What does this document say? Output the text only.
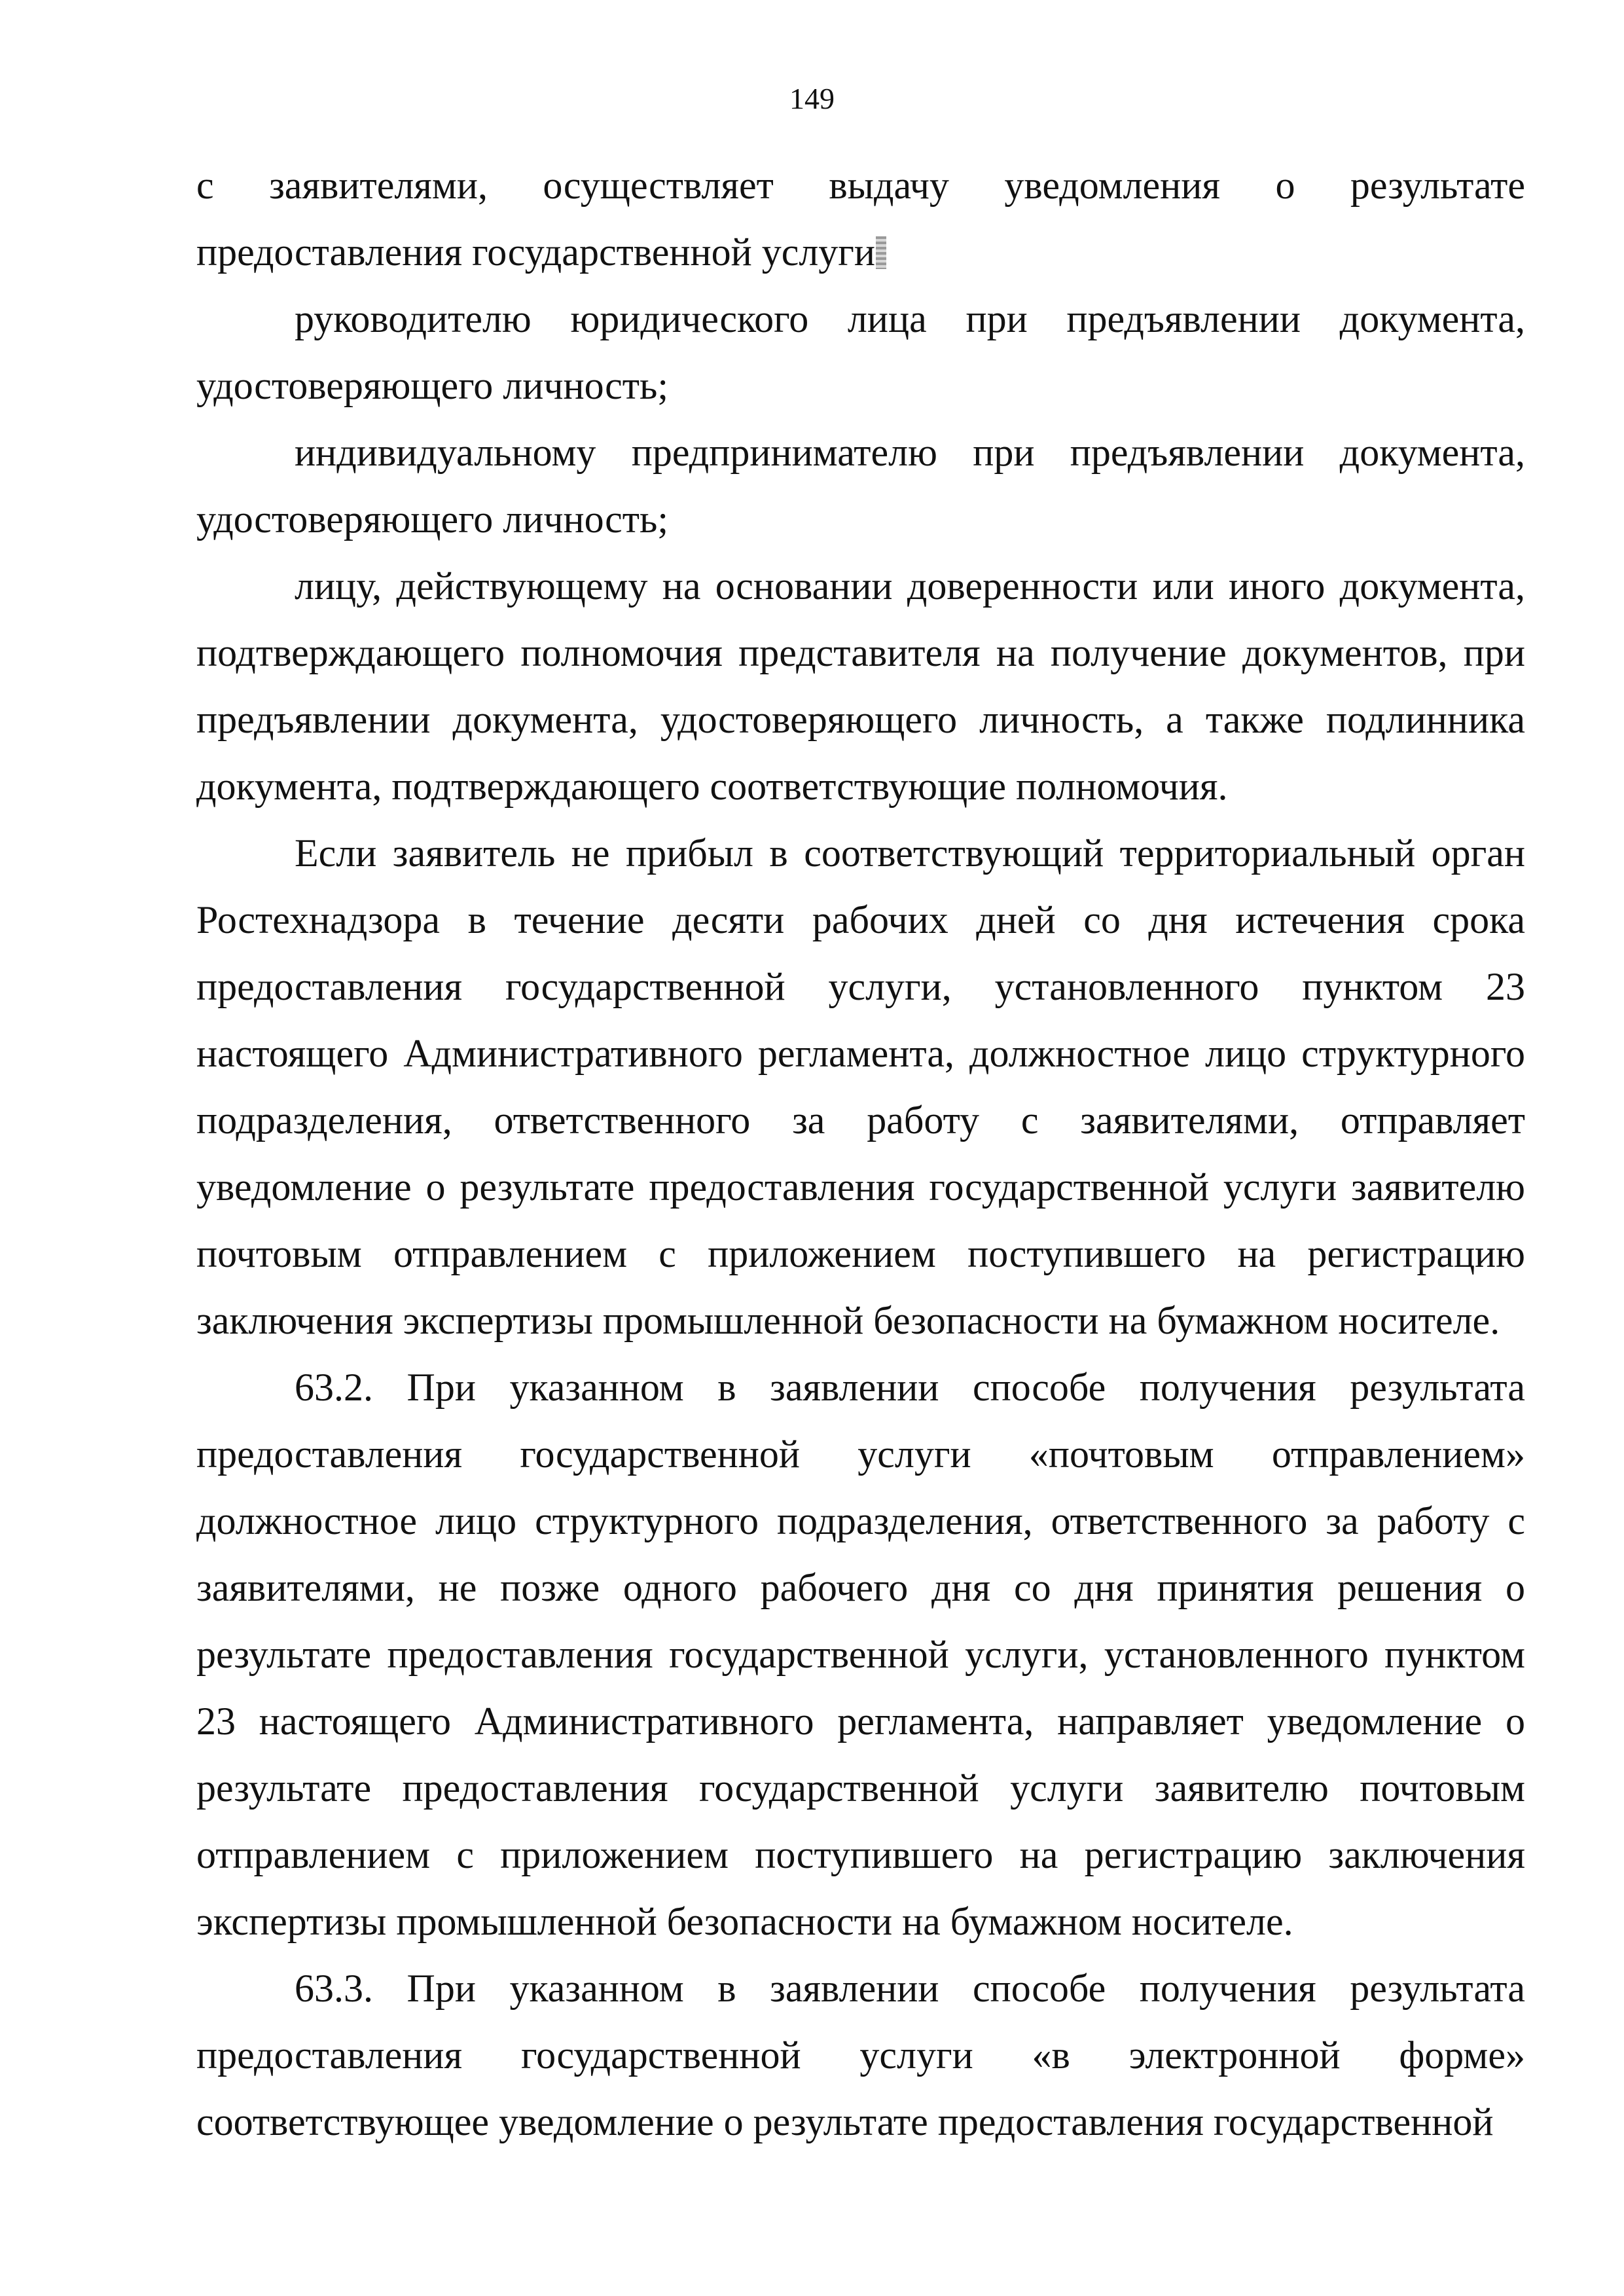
149

с заявителями, осуществляет выдачу уведомления о результате предоставления государственной услуги

руководителю юридического лица при предъявлении документа, удостоверяющего личность;

индивидуальному предпринимателю при предъявлении документа, удостоверяющего личность;

лицу, действующему на основании доверенности или иного документа, подтверждающего полномочия представителя на получение документов, при предъявлении документа, удостоверяющего личность, а также подлинника документа, подтверждающего соответствующие полномочия.

Если заявитель не прибыл в соответствующий территориальный орган Ростехнадзора в течение десяти рабочих дней со дня истечения срока предоставления государственной услуги, установленного пунктом 23 настоящего Административного регламента, должностное лицо структурного подразделения, ответственного за работу с заявителями, отправляет уведомление о результате предоставления государственной услуги заявителю почтовым отправлением с приложением поступившего на регистрацию заключения экспертизы промышленной безопасности на бумажном носителе.

63.2. При указанном в заявлении способе получения результата предоставления государственной услуги «почтовым отправлением» должностное лицо структурного подразделения, ответственного за работу с заявителями, не позже одного рабочего дня со дня принятия решения о результате предоставления государственной услуги, установленного пунктом 23 настоящего Административного регламента, направляет уведомление о результате предоставления государственной услуги заявителю почтовым отправлением с приложением поступившего на регистрацию заключения экспертизы промышленной безопасности на бумажном носителе.

63.3. При указанном в заявлении способе получения результата предоставления государственной услуги «в электронной форме» соответствующее уведомление о результате предоставления государственной
